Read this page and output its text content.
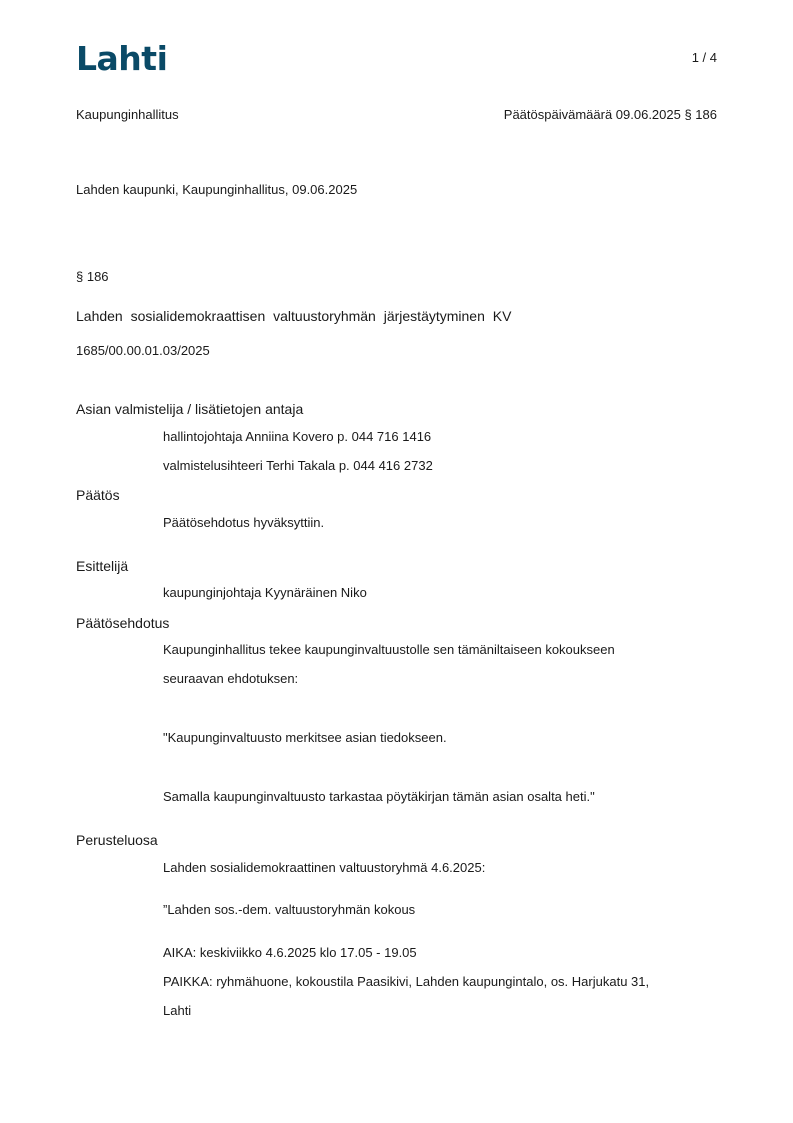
Lahti	1 / 4
Kaupunginhallitus	Päätöspäivämäärä 09.06.2025 § 186
Lahden kaupunki, Kaupunginhallitus, 09.06.2025
§ 186
Lahden sosialidemokraattisen valtuustoryhmän järjestäytyminen KV
1685/00.00.01.03/2025
Asian valmistelija / lisätietojen antaja
hallintojohtaja Anniina Kovero p. 044 716 1416
valmistelusihteeri Terhi Takala p. 044 416 2732
Päätös
Päätösehdotus hyväksyttiin.
Esittelijä
kaupunginjohtaja Kyynäräinen Niko
Päätösehdotus
Kaupunginhallitus tekee kaupunginvaltuustolle sen tämäniltaiseen kokoukseen
seuraavan ehdotuksen:
"Kaupunginvaltuusto merkitsee asian tiedokseen.
Samalla kaupunginvaltuusto tarkastaa pöytäkirjan tämän asian osalta heti."
Perusteluosa
Lahden sosialidemokraattinen valtuustoryhmä 4.6.2025:
”Lahden sos.-dem. valtuustoryhmän kokous
AIKA: keskiviikko 4.6.2025 klo 17.05 - 19.05
PAIKKA: ryhmähuone, kokoustila Paasikivi, Lahden kaupungintalo, os. Harjukatu 31,
Lahti
